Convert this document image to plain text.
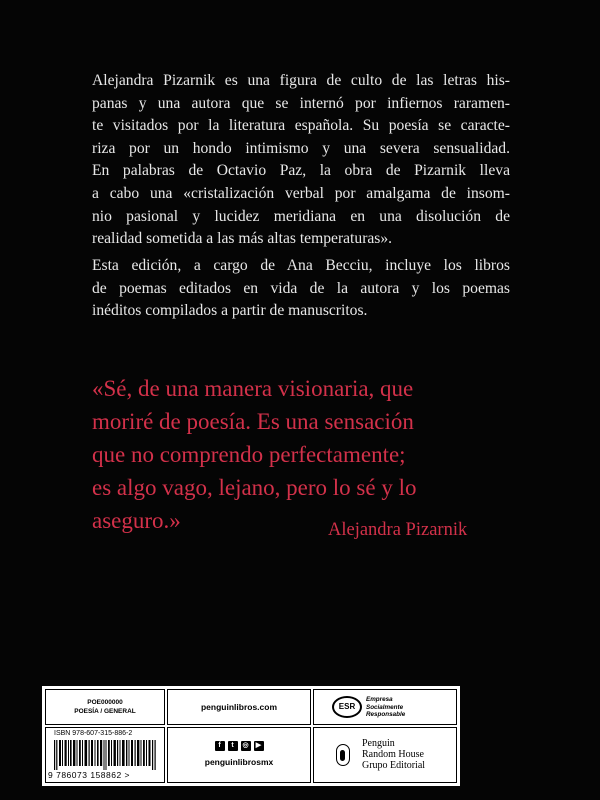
Alejandra Pizarnik es una figura de culto de las letras his-
panas y una autora que se internó por infiernos raramen-
te visitados por la literatura española. Su poesía se caracte-
riza por un hondo intimismo y una severa sensualidad.
En palabras de Octavio Paz, la obra de Pizarnik lleva
a cabo una «cristalización verbal por amalgama de insom-
nio pasional y lucidez meridiana en una disolución de
realidad sometida a las más altas temperaturas».
Esta edición, a cargo de Ana Becciu, incluye los libros
de poemas editados en vida de la autora y los poemas
inéditos compilados a partir de manuscritos.
«Sé, de una manera visionaria, que
moriré de poesía. Es una sensación
que no comprendo perfectamente;
es algo vago, lejano, pero lo sé y lo
aseguro.»	Alejandra Pizarnik
POE000000
POESÍA / GENERAL	penguinlibros.com	ESR
Empresa
Socialmente
Responsable
ISBN 978-607-315-886-2
9 786073 158862 >
f	t	◎	▶
penguinlibrosmx
Penguin
Random House
Grupo Editorial
